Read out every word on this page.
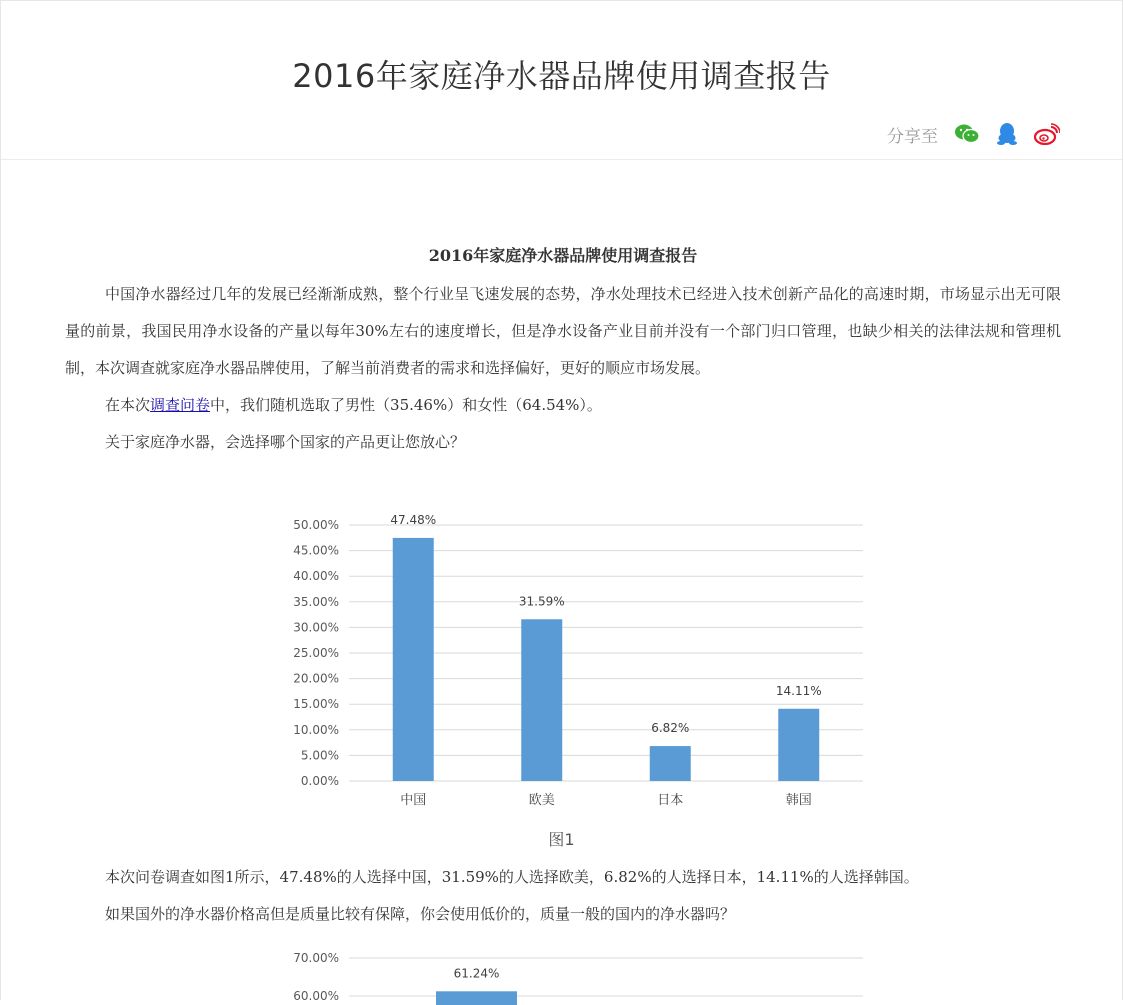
2016年家庭净水器品牌使用调查报告
分享至
2016年家庭净水器品牌使用调查报告

中国净水器经过几年的发展已经渐渐成熟，整个行业呈飞速发展的态势，净水处理技术已经进入技术创新产品化的高速时期，市场显示出无可限量的前景，我国民用净水设备的产量以每年30%左右的速度增长，但是净水设备产业目前并没有一个部门归口管理，也缺少相关的法律法规和管理机制，本次调查就家庭净水器品牌使用，了解当前消费者的需求和选择偏好，更好的顺应市场发展。

在本次调查问卷中，我们随机选取了男性（35.46%）和女性（64.54%）。

关于家庭净水器，会选择哪个国家的产品更让您放心？

0.00%
5.00%
10.00%
15.00%
20.00%
25.00%
30.00%
35.00%
40.00%
45.00%
50.00%	47.48%
中国
31.59%
欧美
6.82%
日本
14.11%
韩国
图1

本次问卷调查如图1所示，47.48%的人选择中国，31.59%的人选择欧美，6.82%的人选择日本，14.11%的人选择韩国。

如果国外的净水器价格高但是质量比较有保障，你会使用低价的，质量一般的国内的净水器吗？

70.00%
60.00%
61.24%
